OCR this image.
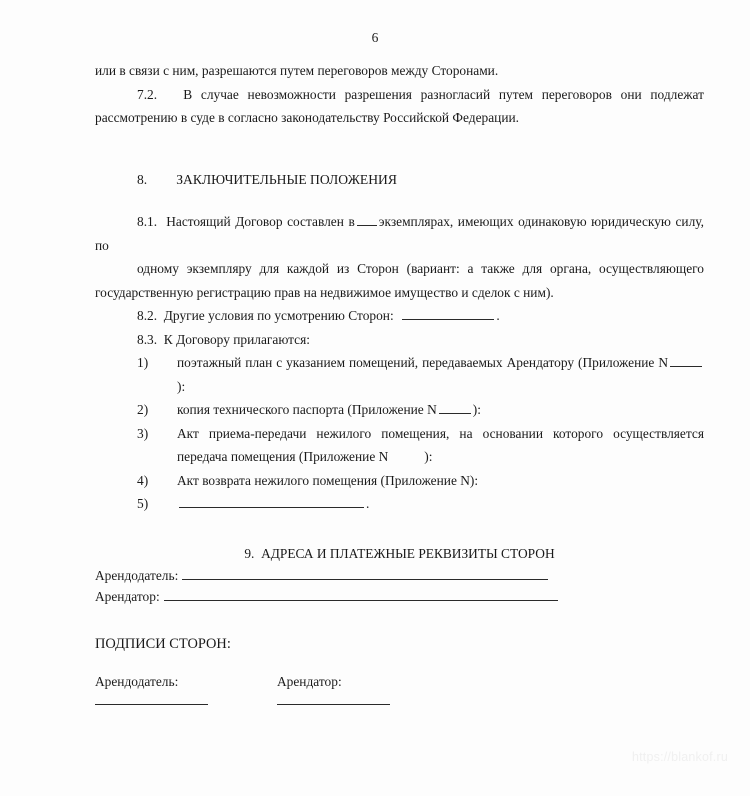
6

или в связи с ним, разрешаются путем переговоров между Сторонами.

7.2. В случае невозможности разрешения разногласий путем переговоров они подлежат рассмотрению в суде в согласно законодательству Российской Федерации.

8. ЗАКЛЮЧИТЕЛЬНЫЕ ПОЛОЖЕНИЯ

8.1. Настоящий Договор составлен в экземплярах, имеющих одинаковую юридическую силу, по

одному экземпляру для каждой из Сторон (вариант: а также для органа, осуществляющего государственную регистрацию прав на недвижимое имущество и сделок с ним).

8.2. Другие условия по усмотрению Сторон:	.

8.3. К Договору прилагаются:

1) поэтажный план с указанием помещений, передаваемых Арендатору (Приложение N):

2) копия технического паспорта (Приложение N	):

3) Акт приема-передачи нежилого помещения, на основании которого осуществляется передача помещения (Приложение N	):

4) Акт возврата нежилого помещения (Приложение N):

5)	.

9. АДРЕСА И ПЛАТЕЖНЫЕ РЕКВИЗИТЫ СТОРОН

Арендодатель:
Арендатор:

ПОДПИСИ СТОРОН:

Арендодатель:	Арендатор:
https://blankof.ru
